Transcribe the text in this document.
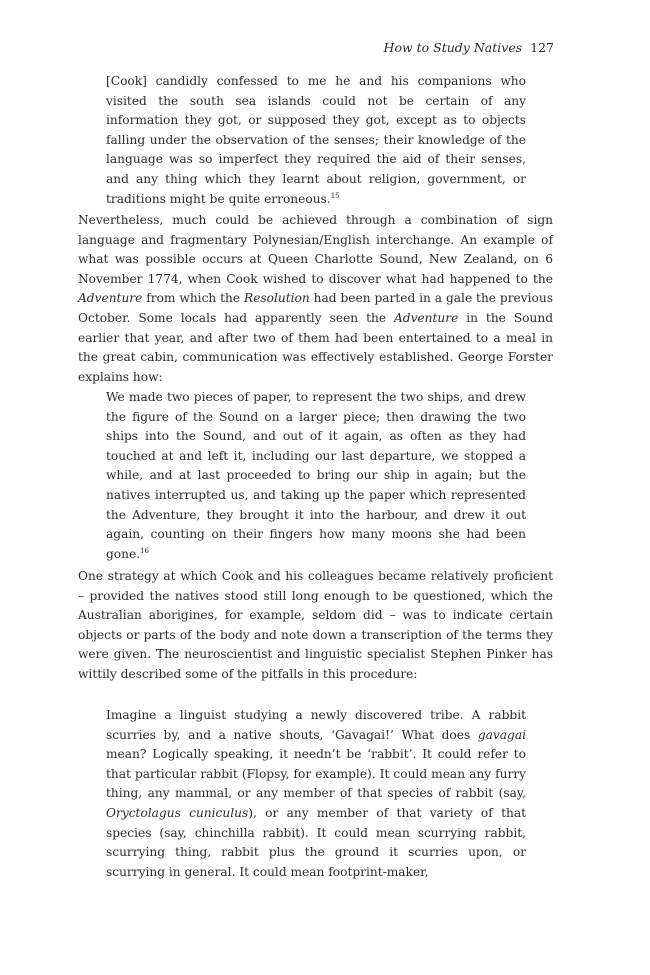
How to Study Natives 127

[Cook] candidly confessed to me he and his companions who visited the south sea islands could not be certain of any information they got, or supposed they got, except as to objects falling under the observation of the senses; their knowledge of the language was so imperfect they required the aid of their senses, and any thing which they learnt about religion, government, or traditions might be quite erroneous.$^{15}$

Nevertheless, much could be achieved through a combination of sign language and fragmentary Polynesian/English interchange. An example of what was possible occurs at Queen Charlotte Sound, New Zealand, on 6 November 1774, when Cook wished to discover what had happened to the Adventure from which the Resolution had been parted in a gale the previous October. Some locals had apparently seen the Adventure in the Sound earlier that year, and after two of them had been entertained to a meal in the great cabin, communication was effectively established. George Forster explains how:

We made two pieces of paper, to represent the two ships, and drew the figure of the Sound on a larger piece; then drawing the two ships into the Sound, and out of it again, as often as they had touched at and left it, including our last departure, we stopped a while, and at last proceeded to bring our ship in again; but the natives interrupted us, and taking up the paper which represented the Adventure, they brought it into the harbour, and drew it out again, counting on their fingers how many moons she had been gone.$^{16}$

One strategy at which Cook and his colleagues became relatively proficient – provided the natives stood still long enough to be questioned, which the Australian aborigines, for example, seldom did – was to indicate certain objects or parts of the body and note down a transcription of the terms they were given. The neuroscientist and linguistic specialist Stephen Pinker has wittily described some of the pitfalls in this procedure:

Imagine a linguist studying a newly discovered tribe. A rabbit scurries by, and a native shouts, ‘Gavagai!’ What does gavagai mean? Logically speaking, it needn’t be ‘rabbit’. It could refer to that particular rabbit (Flopsy, for example). It could mean any furry thing, any mammal, or any member of that species of rabbit (say, Oryctolagus cuniculus), or any member of that variety of that species (say, chinchilla rabbit). It could mean scurrying rabbit, scurrying thing, rabbit plus the ground it scurries upon, or scurrying in general. It could mean footprint-maker,
